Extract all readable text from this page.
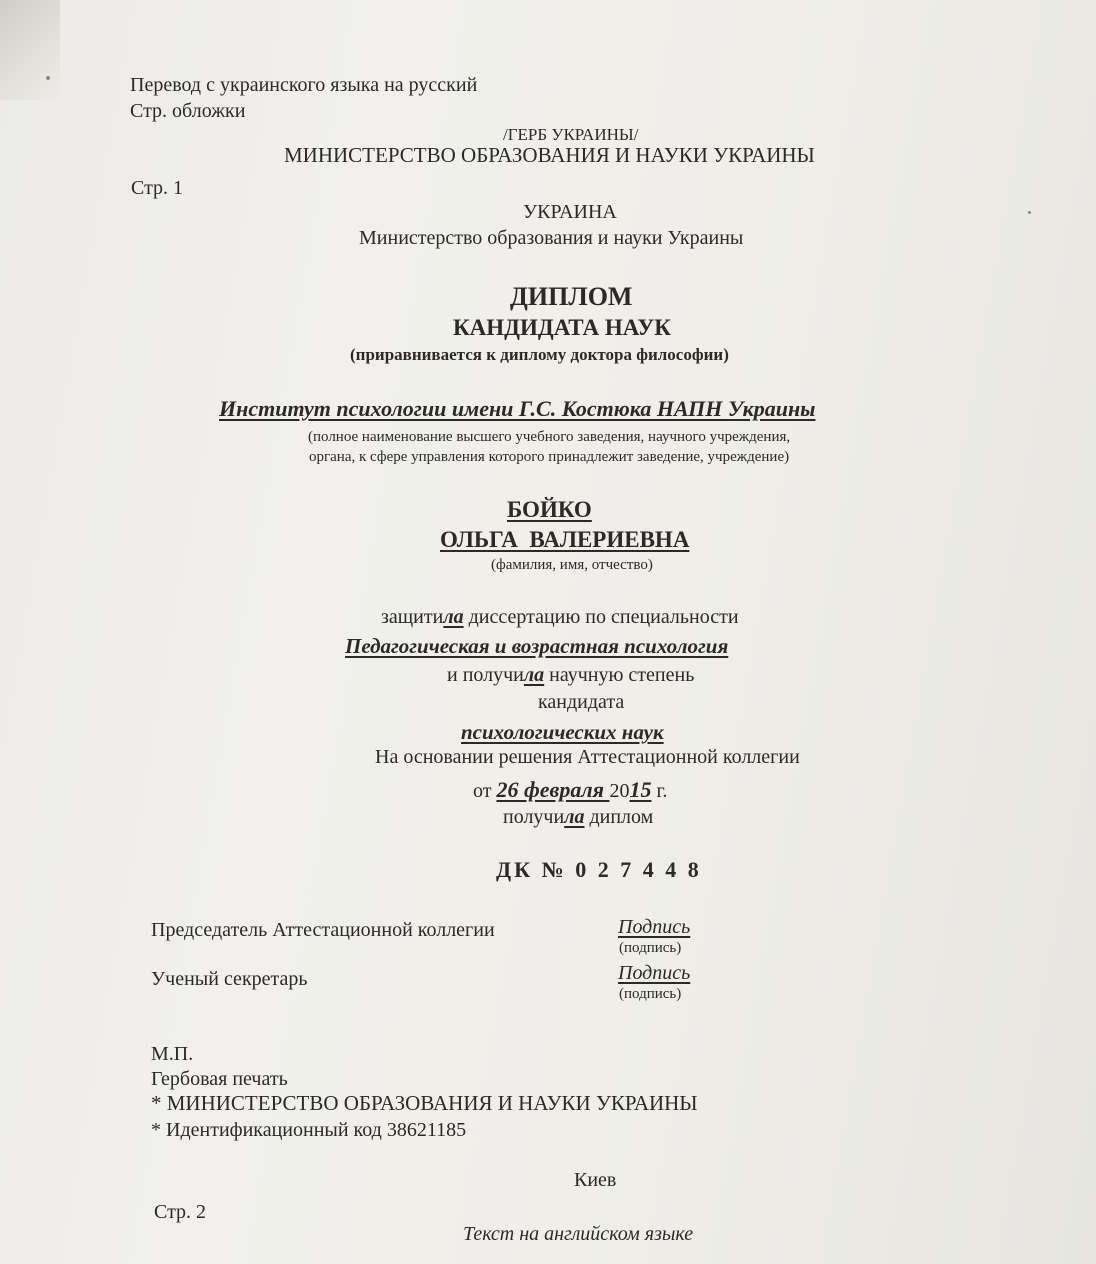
Перевод с украинского языка на русский
Стр. обложки
/ГЕРБ УКРАИНЫ/
МИНИСТЕРСТВО ОБРАЗОВАНИЯ И НАУКИ УКРАИНЫ
Стр. 1
УКРАИНА
Министерство образования и науки Украины
ДИПЛОМ
КАНДИДАТА НАУК
(приравнивается к диплому доктора философии)
Институт психологии имени Г.С. Костюка НАПН Украины
(полное наименование высшего учебного заведения, научного учреждения,
органа, к сфере управления которого принадлежит заведение, учреждение)
БОЙКО
ОЛЬГА  ВАЛЕРИЕВНА
(фамилия, имя, отчество)
защитила диссертацию по специальности
Педагогическая и возрастная психология
и получила научную степень
кандидата
психологических наук
На основании решения Аттестационной коллегии
от 26 февраля 2015 г.
получила диплом
ДК № 0 2 7 4 4 8
Председатель Аттестационной коллегии	Подпись
(подпись)
Ученый секретарь	Подпись
(подпись)
М.П.
Гербовая печать
* МИНИСТЕРСТВО ОБРАЗОВАНИЯ И НАУКИ УКРАИНЫ
* Идентификационный код 38621185
Киев
Стр. 2
Текст на английском языке
